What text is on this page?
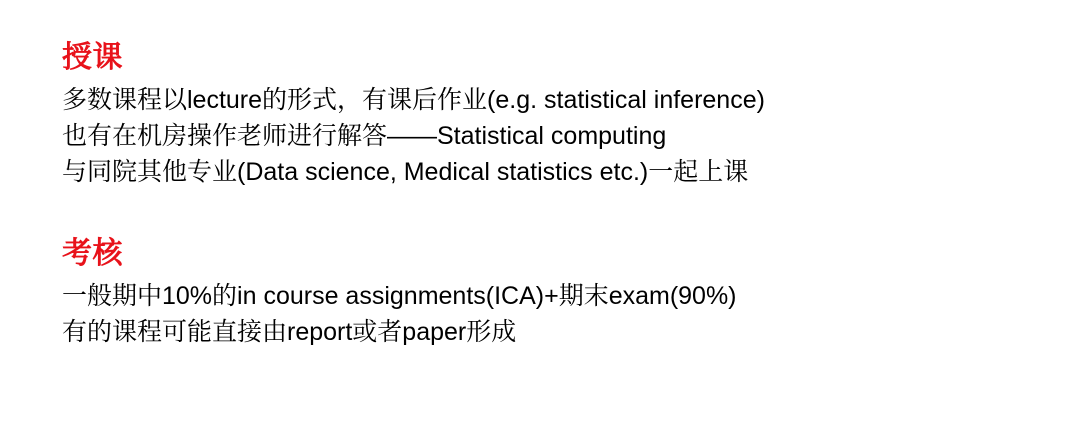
授课
多数课程以lecture的形式，有课后作业(e.g. statistical inference)
也有在机房操作老师进行解答——Statistical computing
与同院其他专业(Data science, Medical statistics etc.)一起上课
考核
一般期中10%的in course assignments(ICA)+期末exam(90%)
有的课程可能直接由report或者paper形成
